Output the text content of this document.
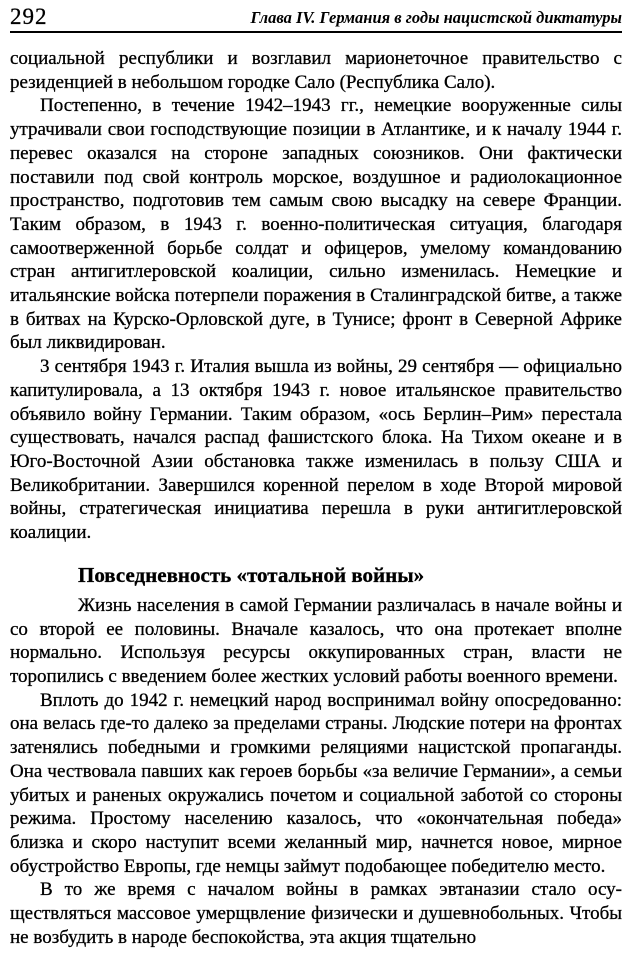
292	Глава IV. Германия в годы нацистской диктатуры

социальной республики и возглавил марионеточное правительство с резиденцией в небольшом городке Сало (Республика Сало).

Постепенно, в течение 1942–1943 гг., немецкие вооруженные силы утрачивали свои господствующие позиции в Атлантике, и к началу 1944 г. перевес оказался на стороне западных союзников. Они фактически поставили под свой контроль морское, воздушное и радиолокационное пространство, подготовив тем самым свою высадку на севере Франции. Таким образом, в 1943 г. военно-политическая ситуация, благодаря самоотверженной борьбе солдат и офицеров, умелому командованию стран антигитлеровской коалиции, сильно изменилась. Немецкие и итальянские войска потерпели поражения в Сталинградской битве, а также в битвах на Курско-Орловской дуге, в Тунисе; фронт в Северной Африке был ликвидирован.

3 сентября 1943 г. Италия вышла из войны, 29 сентября — официально капитулировала, а 13 октября 1943 г. новое итальянское правительство объявило войну Германии. Таким образом, «ось Берлин–Рим» перестала существовать, начался распад фашистского блока. На Тихом океане и в Юго-Восточной Азии обстановка также изменилась в пользу США и Великобритании. Завершился коренной перелом в ходе Второй мировой войны, стратегическая инициатива перешла в руки антигитлеровской коалиции.

Повседневность «тотальной войны»

Жизнь населения в самой Германии различалась в начале войны и со второй ее половины. Вначале казалось, что она протекает вполне нормально. Используя ресурсы оккупированных стран, власти не торопились с введением более жестких условий работы военного времени.

Вплоть до 1942 г. немецкий народ воспринимал войну опосредованно: она велась где-то далеко за пределами страны. Людские потери на фронтах затенялись победными и громкими реляциями нацистской пропаганды. Она чествовала павших как героев борьбы «за величие Германии», а семьи убитых и раненых окружались почетом и социальной заботой со стороны режима. Простому населению казалось, что «окончательная победа» близка и скоро наступит всеми желанный мир, начнется новое, мирное обустройство Европы, где немцы займут подобающее победителю место.

В то же время с началом войны в рамках эвтаназии стало осуществляться массовое умерщвление физически и душевнобольных. Чтобы не возбудить в народе беспокойства, эта акция тщательно
